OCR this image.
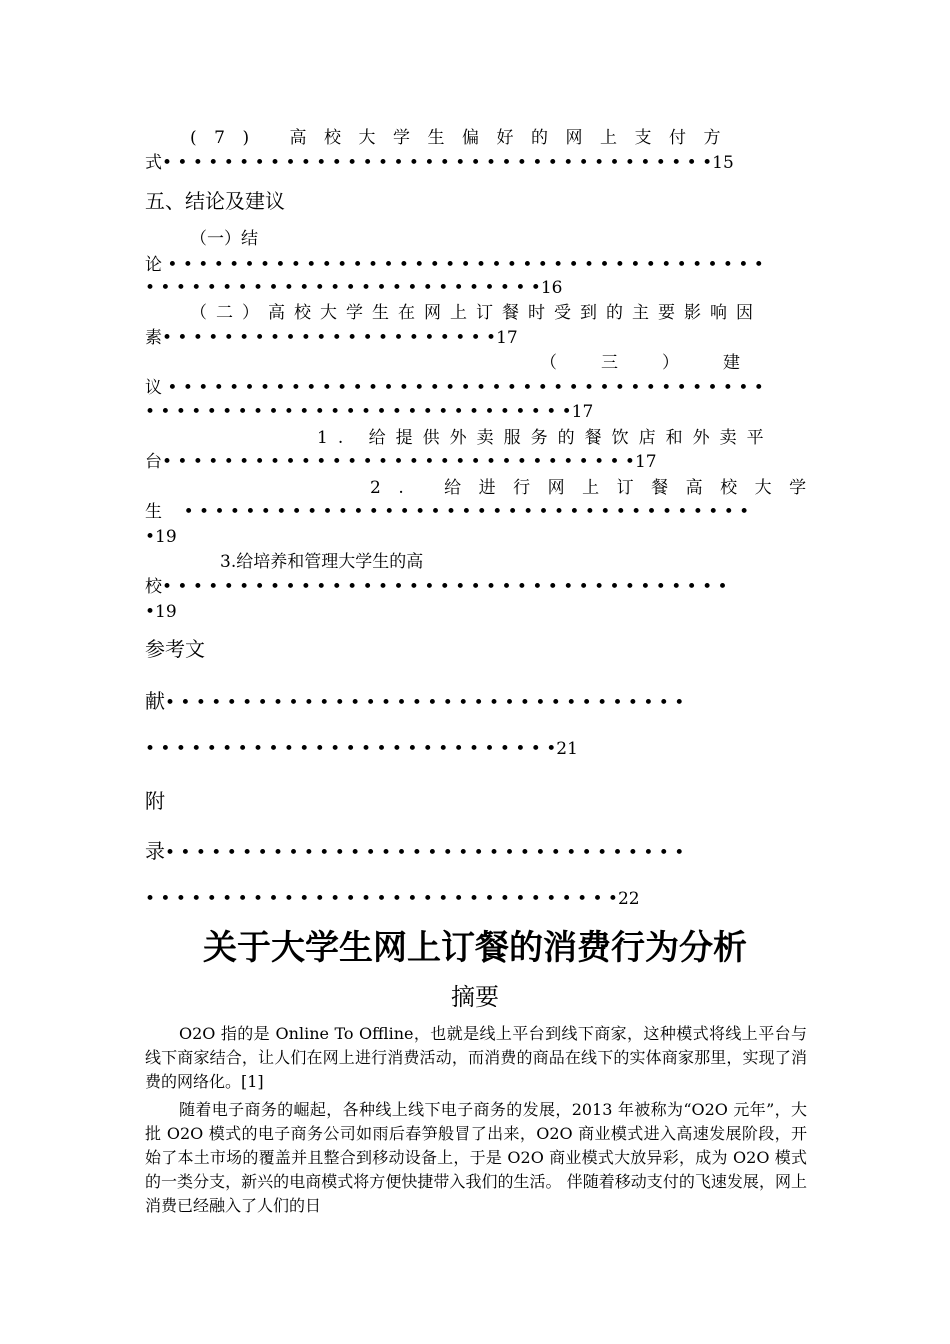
(7) 高校大学生偏好的网上支付方
式• • • • • • • • • • • • • • • • • • • • • • • • • • • • • • • • • • • •15
五、结论及建议
（一）结
论 • • • • • • • • • • • • • • • • • • • • • • • • • • • • • • • • • • • • • • •
• • • • • • • • • • • • • • • • • • • • • • • • • •16
（二）高校大学生在网上订餐时受到的主要影响因
素• • • • • • • • • • • • • • • • • • • • • •17
（三）建
议 • • • • • • • • • • • • • • • • • • • • • • • • • • • • • • • • • • • • • • •
• • • • • • • • • • • • • • • • • • • • • • • • • • • •17
1. 给提供外卖服务的餐饮店和外卖平
台• • • • • • • • • • • • • • • • • • • • • • • • • • • • • • •17
2. 给进行网上订餐高校大学
生    • • • • • • • • • • • • • • • • • • • • • • • • • • • • • • • • • • • • •
•19
3.给培养和管理大学生的高
校• • • • • • • • • • • • • • • • • • • • • • • • • • • • • • • • • • • • •
•19
参考文
献• • • • • • • • • • • • • • • • • • • • • • • • • • • • • • • • • •
• • • • • • • • • • • • • • • • • • • • • • • • • • •21
附
录• • • • • • • • • • • • • • • • • • • • • • • • • • • • • • • • • •
• • • • • • • • • • • • • • • • • • • • • • • • • • • • • • •22
关于大学生网上订餐的消费行为分析
摘要

O2O 指的是 Online To Offline，也就是线上平台到线下商家，这种模式将线上平台与线下商家结合，让人们在网上进行消费活动，而消费的商品在线下的实体商家那里，实现了消费的网络化。[1]

随着电子商务的崛起，各种线上线下电子商务的发展，2013 年被称为“O2O 元年”，大批 O2O 模式的电子商务公司如雨后春笋般冒了出来，O2O 商业模式进入高速发展阶段，开始了本土市场的覆盖并且整合到移动设备上，于是 O2O 商业模式大放异彩，成为 O2O 模式的一类分支，新兴的电商模式将方便快捷带入我们的生活。 伴随着移动支付的飞速发展，网上消费已经融入了人们的日
